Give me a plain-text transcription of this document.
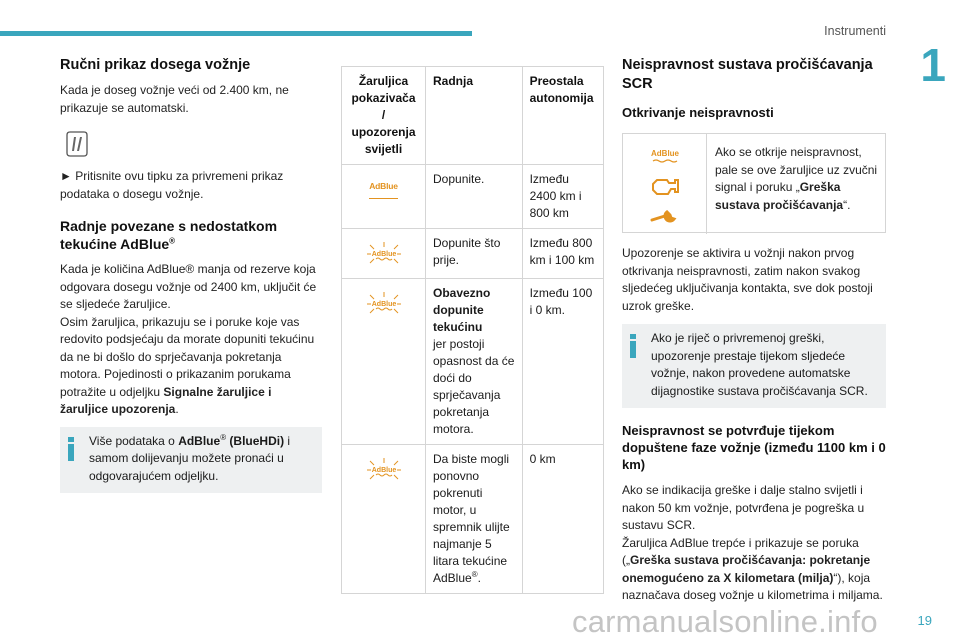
Instrumenti
1
19
carmanualsonline.info
Ručni prikaz dosega vožnje

Kada je doseg vožnje veći od 2.400 km, ne prikazuje se automatski.

► Pritisnite ovu tipku za privremeni prikaz podataka o dosegu vožnje.

Radnje povezane s nedostatkom tekućine AdBlue®

Kada je količina AdBlue® manja od rezerve koja odgovara dosegu vožnje od 2400 km, uključit će se sljedeće žaruljice.

Osim žaruljica, prikazuju se i poruke koje vas redovito podsjećaju da morate dopuniti tekućinu da ne bi došlo do sprječavanja pokretanja motora. Pojedinosti o prikazanim porukama potražite u odjeljku Signalne žaruljice i žaruljice upozorenja.

Više podataka o AdBlue® (BlueHDi) i samom dolijevanju možete pronaći u odgovarajućem odjeljku.
Žaruljica pokazivača / upozorenja svijetli	Radnja	Preostala autonomija
AdBlue	Dopunite.	Između 2400 km i 800 km

AdBlue	Dopunite što prije.	Između 800 km i 100 km

AdBlue	Obavezno dopunite tekućinu
jer postoji opasnost da će doći do sprječavanja pokretanja motora.	Između 100 i 0 km.

AdBlue	Da biste mogli ponovno pokrenuti motor, u spremnik ulijte najmanje 5 litara tekućine AdBlue®.	0 km
Neispravnost sustava pročišćavanja SCR
Otkrivanje neispravnosti
AdBlue	Ako se otkrije neispravnost, pale se ove žaruljice uz zvučni signal i poruku „Greška sustava pročišćavanja“.

Upozorenje se aktivira u vožnji nakon prvog otkrivanja neispravnosti, zatim nakon svakog sljedećeg uključivanja kontakta, sve dok postoji uzrok greške.

Ako je riječ o privremenoj greški, upozorenje prestaje tijekom sljedeće vožnje, nakon provedene automatske dijagnostike sustava pročišćavanja SCR.
Neispravnost se potvrđuje tijekom dopuštene faze vožnje (između 1100 km i 0 km)

Ako se indikacija greške i dalje stalno svijetli i nakon 50 km vožnje, potvrđena je pogreška u sustavu SCR.

Žaruljica AdBlue trepće i prikazuje se poruka („Greška sustava pročišćavanja: pokretanje onemogućeno za X kilometara (milja)“), koja naznačava doseg vožnje u kilometrima i miljama.
